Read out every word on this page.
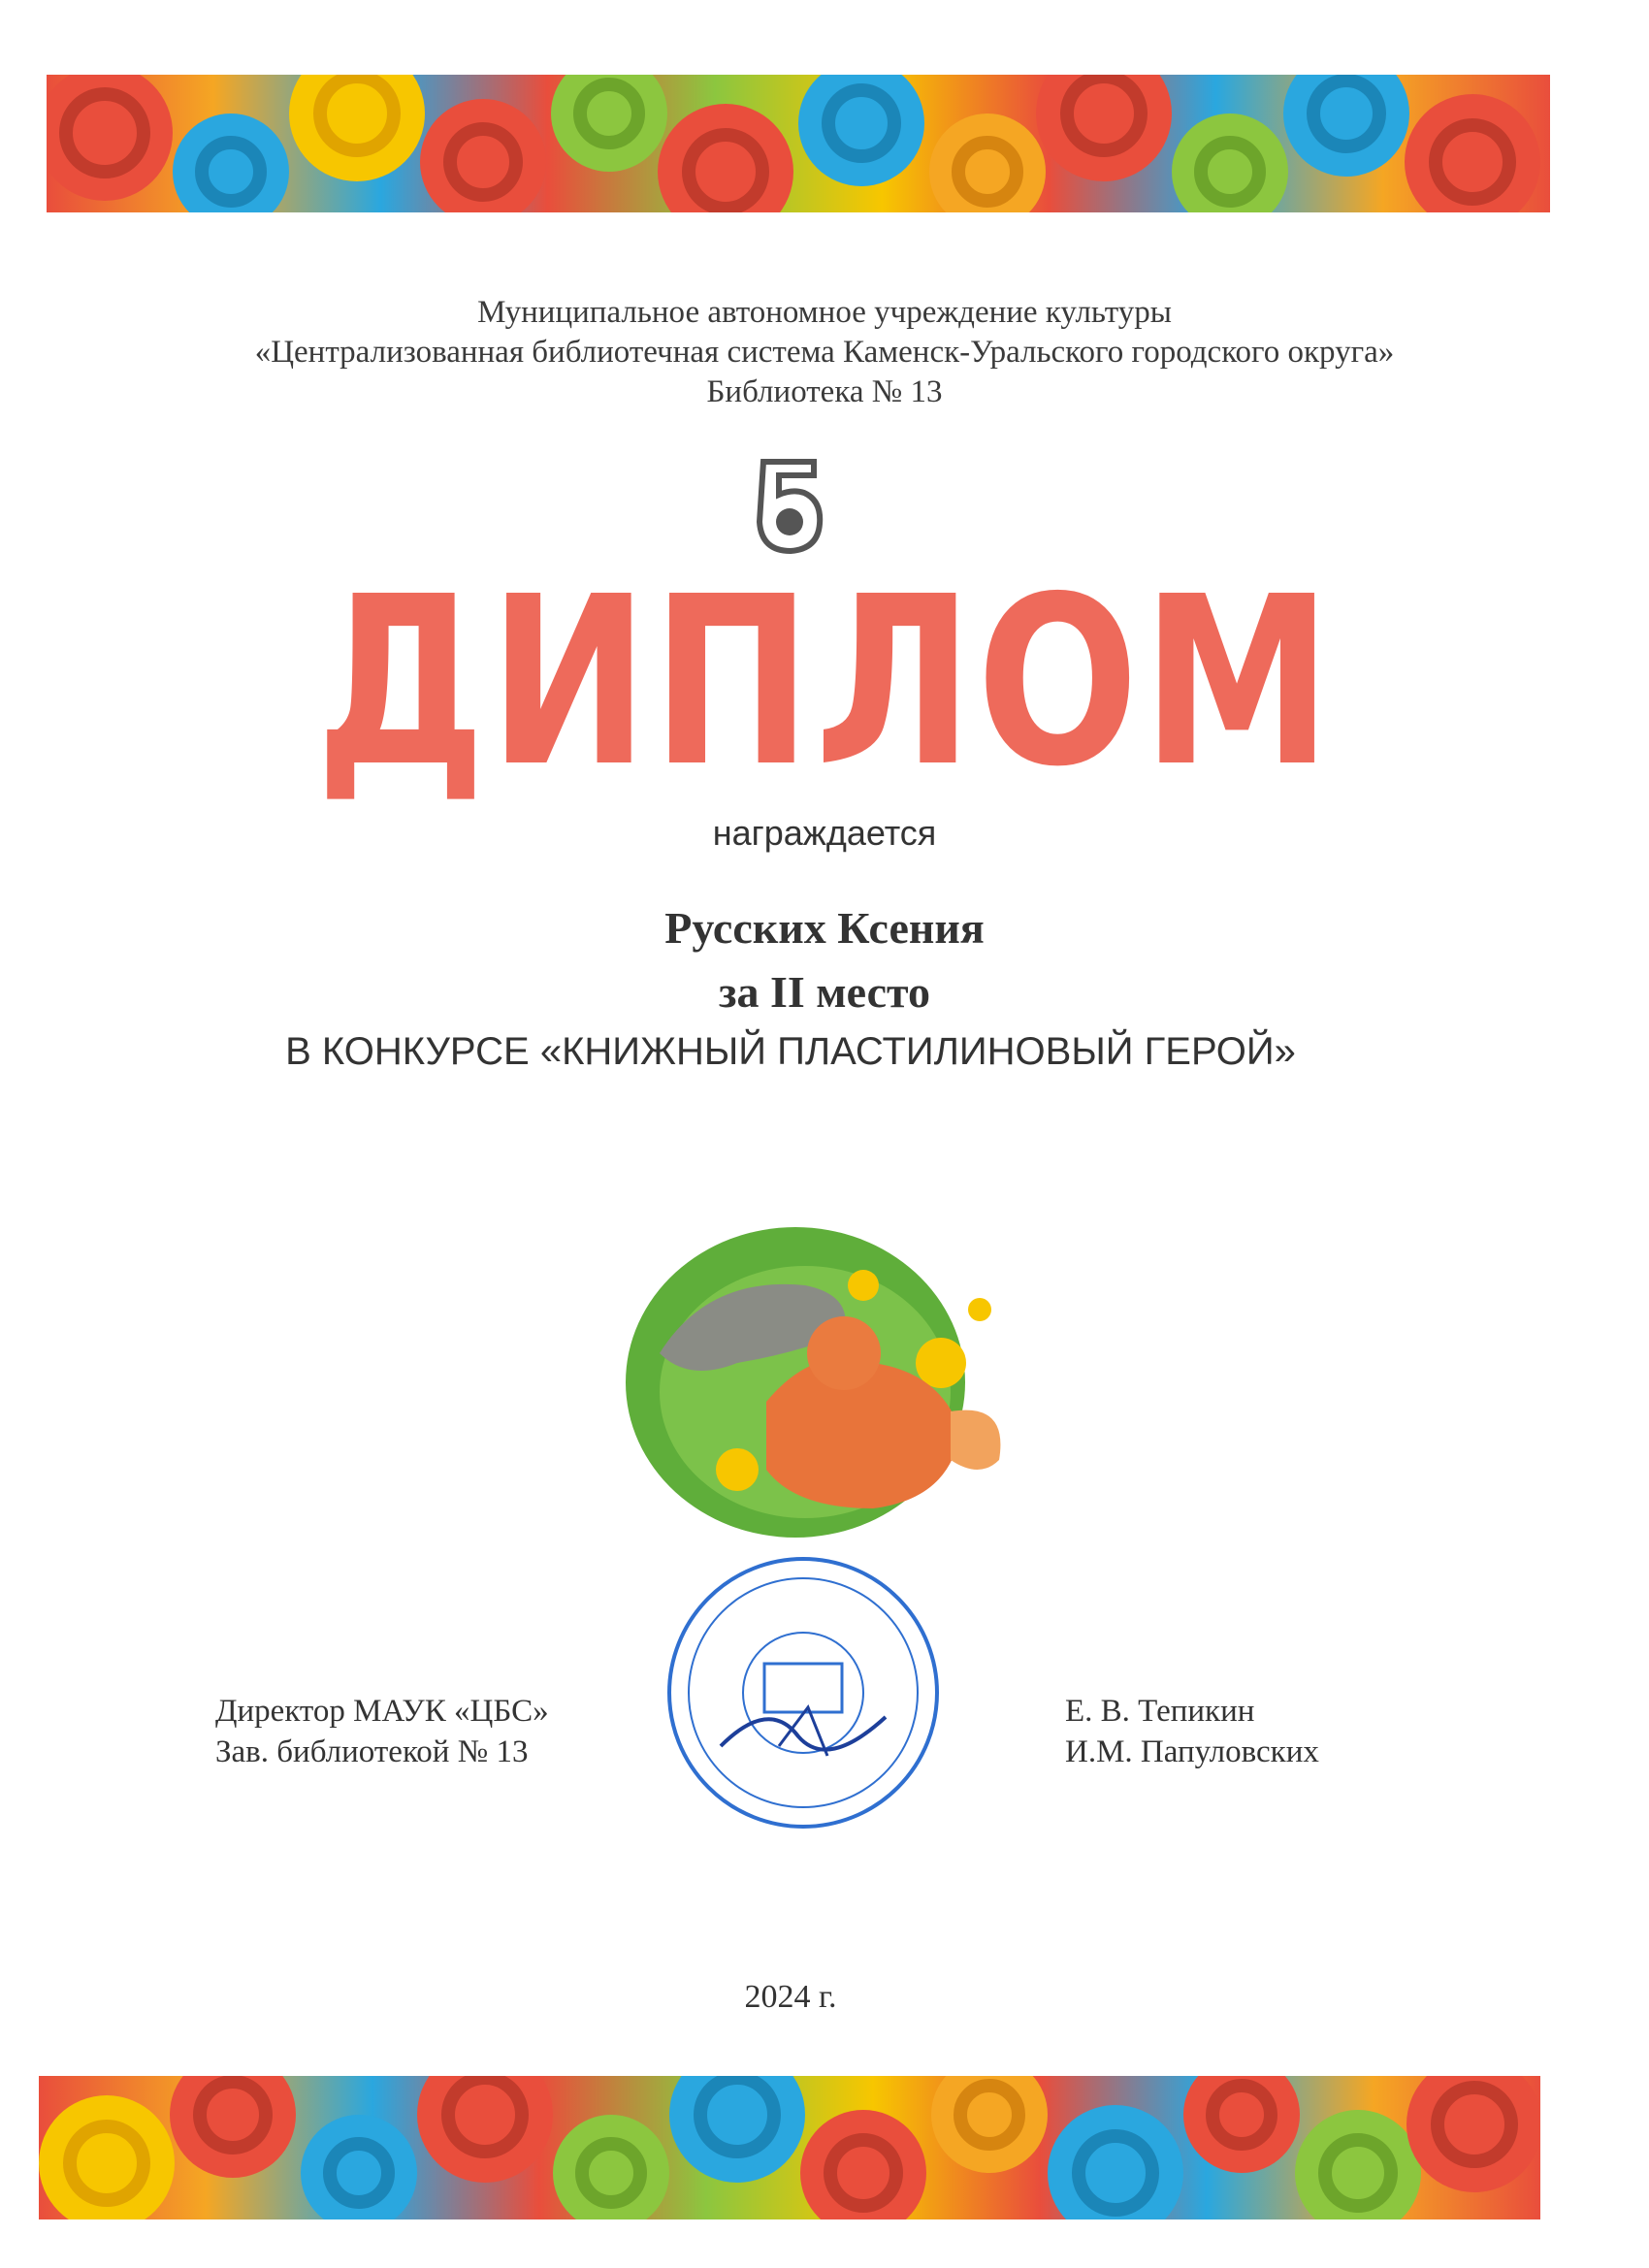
Муниципальное автономное учреждение культуры
«Централизованная библиотечная система Каменск-Уральского городского округа»
Библиотека № 13
ДИПЛОМ
награждается
Русских Ксения
за II место
В КОНКУРСЕ «КНИЖНЫЙ ПЛАСТИЛИНОВЫЙ ГЕРОЙ»
Директор МАУК «ЦБС»
Зав. библиотекой № 13
Е. В. Тепикин
И.М. Папуловских
2024 г.
